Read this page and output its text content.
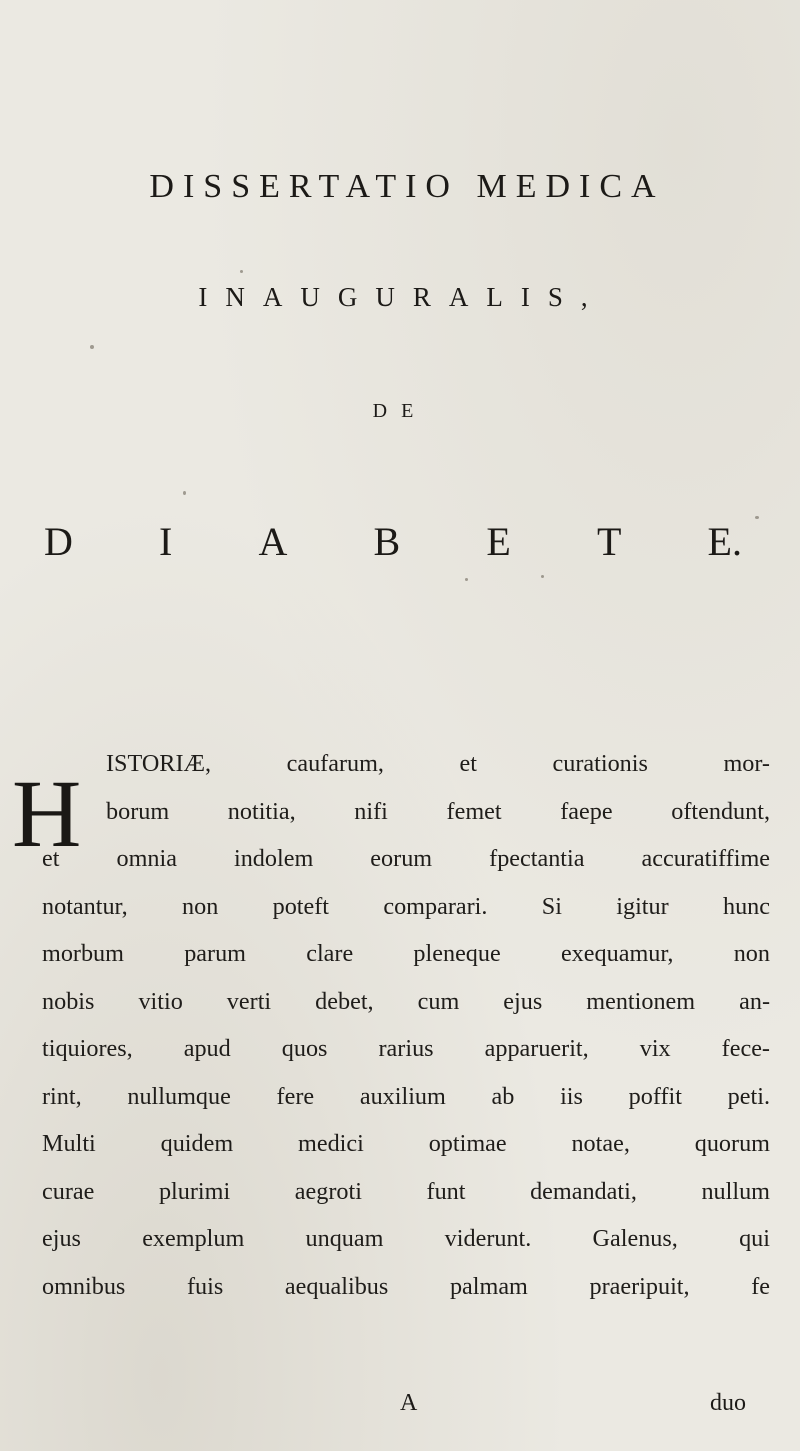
DISSERTATIO MEDICA
INAUGURALIS,
DE
D I A B E T E.
H	ISTORIÆ, caufarum, et curationis mor-
borum notitia, nifi femet faepe oftendunt,
et omnia indolem eorum fpectantia accuratiffime
notantur, non poteft comparari. Si igitur hunc
morbum parum clare pleneque exequamur, non
nobis vitio verti debet, cum ejus mentionem an-
tiquiores, apud quos rarius apparuerit, vix fece-
rint, nullumque fere auxilium ab iis poffit peti.
Multi quidem medici optimae notae, quorum
curae plurimi aegroti funt demandati, nullum
ejus exemplum unquam viderunt. Galenus, qui
omnibus fuis aequalibus palmam praeripuit, fe
A	duo
